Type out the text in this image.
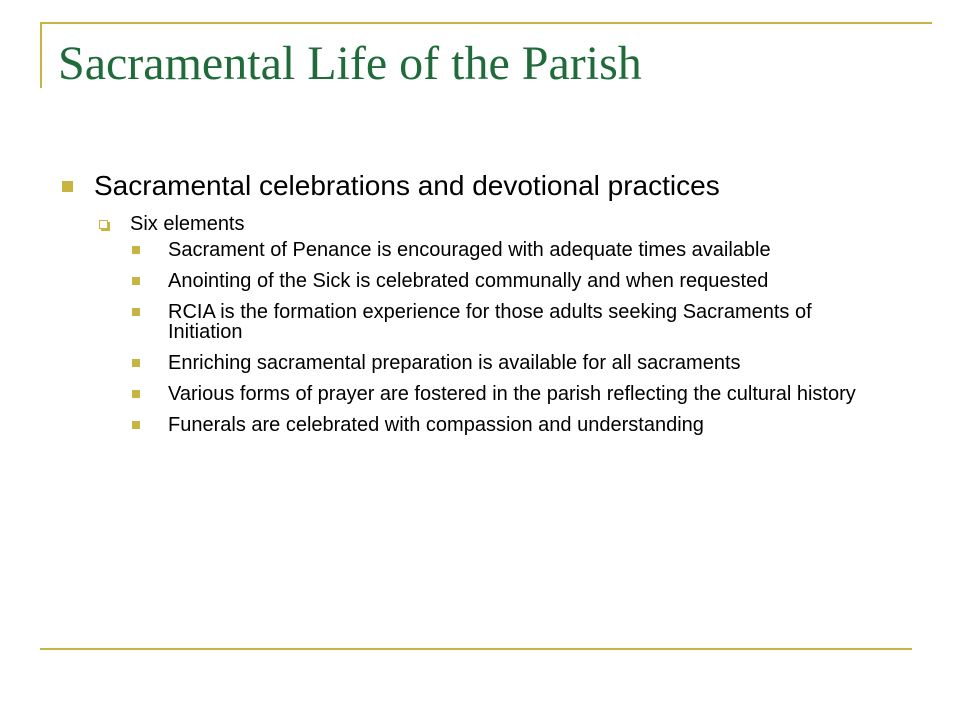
Sacramental Life of the Parish
Sacramental celebrations and devotional practices
Six elements
Sacrament of Penance is encouraged with adequate times available
Anointing of the Sick is celebrated communally and when requested
RCIA is the formation experience for those adults seeking Sacraments of Initiation
Enriching sacramental preparation is available for all sacraments
Various forms of prayer are fostered in the parish reflecting the cultural history
Funerals are celebrated with compassion and understanding
